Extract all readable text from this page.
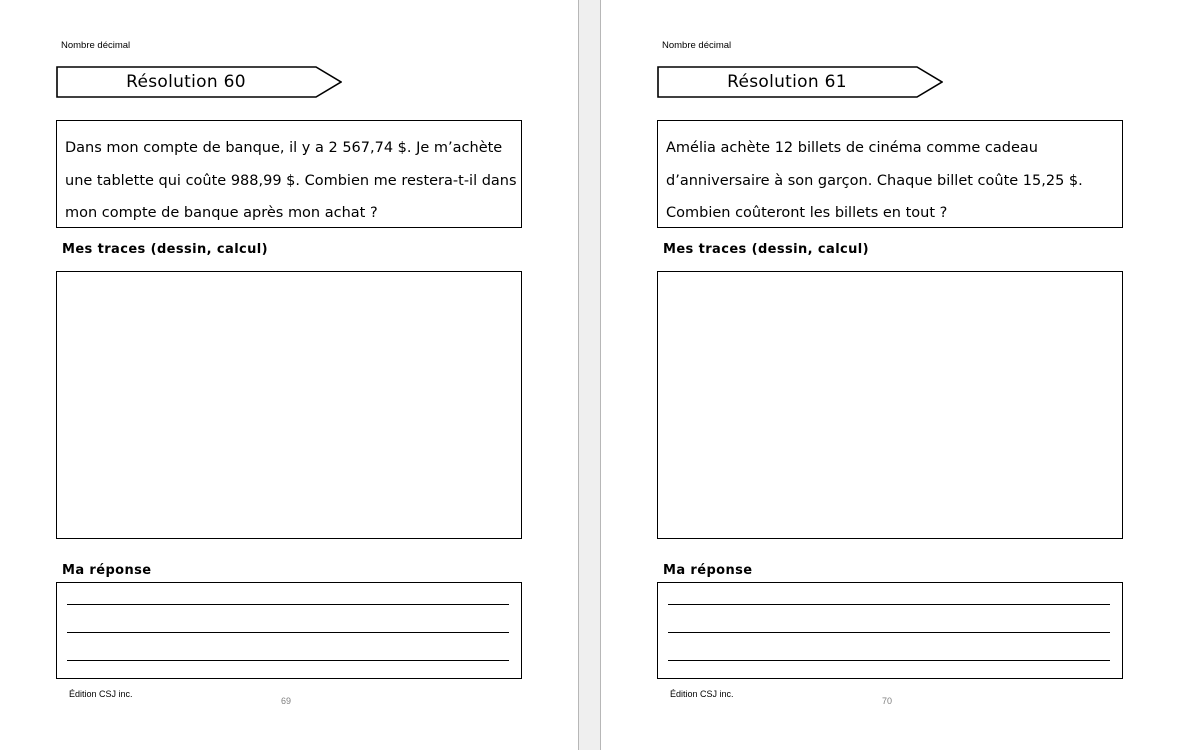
Nombre décimal
Résolution 60
Dans mon compte de banque, il y a 2 567,74 $. Je m’achète
une tablette qui coûte 988,99 $. Combien me restera-t-il dans
mon compte de banque après mon achat ?
Mes traces (dessin, calcul)
Ma réponse
Édition CSJ inc.
69
Nombre décimal
Résolution 61
Amélia achète 12 billets de cinéma comme cadeau
d’anniversaire à son garçon. Chaque billet coûte 15,25 $.
Combien coûteront les billets en tout ?
Mes traces (dessin, calcul)
Ma réponse
Édition CSJ inc.
70
